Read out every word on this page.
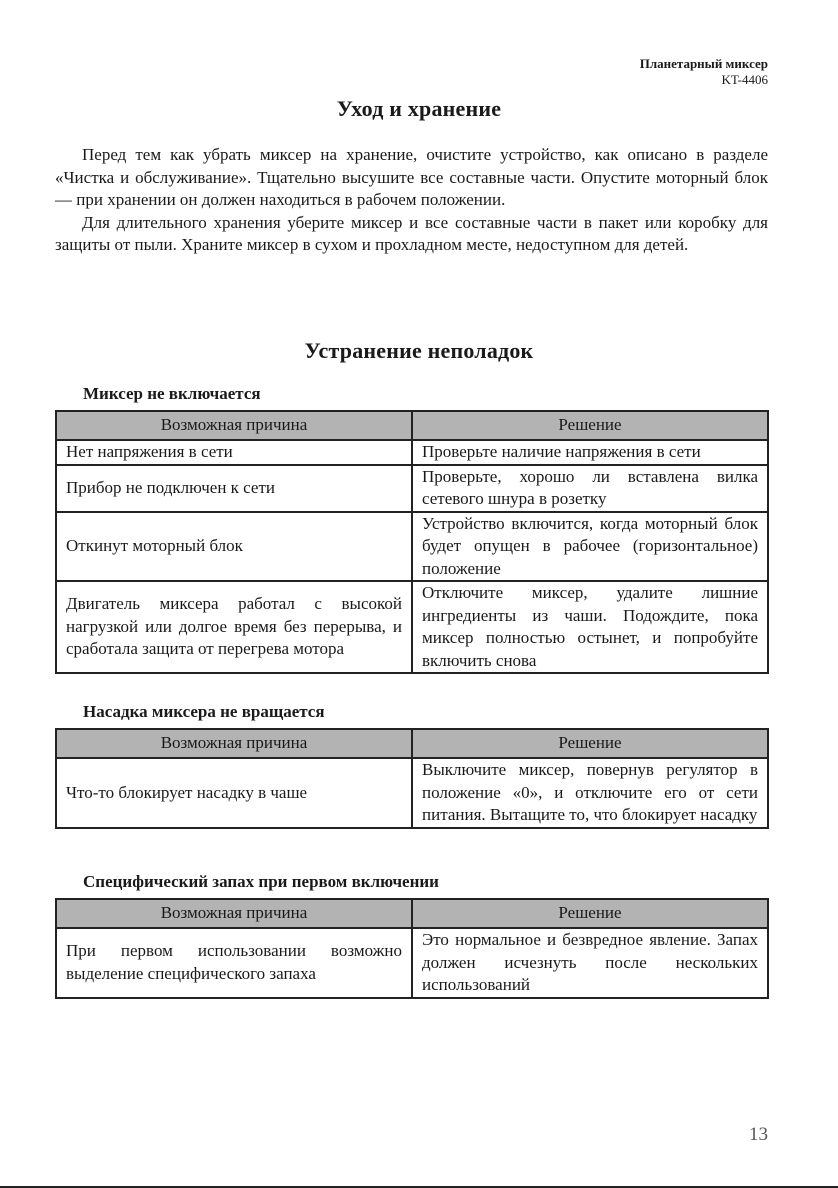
Планетарный миксер
KT-4406
Уход и хранение

Перед тем как убрать миксер на хранение, очистите устройство, как описано в разделе «Чистка и обслуживание». Тщательно высушите все составные части. Опустите моторный блок — при хранении он должен находиться в рабочем положении.

Для длительного хранения уберите миксер и все составные части в пакет или коробку для защиты от пыли. Храните миксер в сухом и прохладном месте, недоступном для детей.

Устранение неполадок
Миксер не включается
Возможная причина	Решение
Нет напряжения в сети	Проверьте наличие напряжения в сети
Прибор не подключен к сети	Проверьте, хорошо ли вставлена вилка сетевого шнура в розетку
Откинут моторный блок	Устройство включится, когда моторный блок будет опущен в рабочее (горизонтальное) положение
Двигатель миксера работал с высокой нагрузкой или долгое время без перерыва, и сработала защита от перегрева мотора	Отключите миксер, удалите лишние ингредиенты из чаши. Подождите, пока миксер полностью остынет, и попробуйте включить снова
Насадка миксера не вращается
Возможная причина	Решение
Что-то блокирует насадку в чаше	Выключите миксер, повернув регулятор в положение «0», и отключите его от сети питания. Вытащите то, что блокирует насадку
Специфический запах при первом включении
Возможная причина	Решение
При первом использовании возможно выделение специфического запаха	Это нормальное и безвредное явление. Запах должен исчезнуть после нескольких использований
13
